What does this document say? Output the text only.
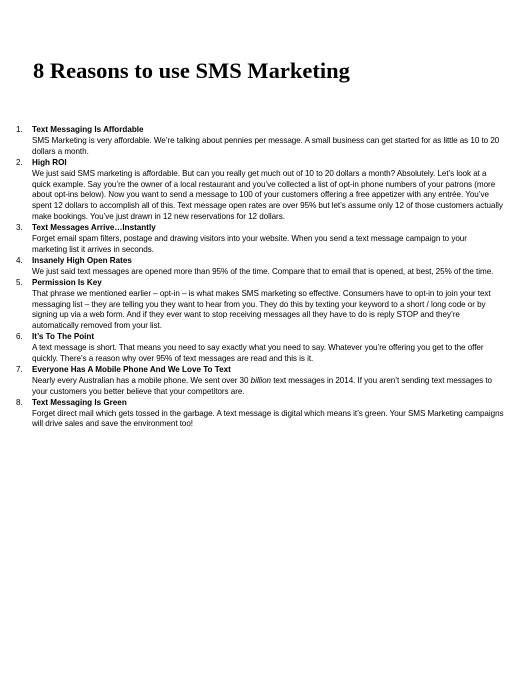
8 Reasons to use SMS Marketing
1. Text Messaging Is Affordable
SMS Marketing is very affordable. We’re talking about pennies per message. A small business can get started for as little as 10 to 20 dollars a month.
2. High ROI
We just said SMS marketing is affordable. But can you really get much out of 10 to 20 dollars a month? Absolutely. Let’s look at a quick example. Say you’re the owner of a local restaurant and you’ve collected a list of opt-in phone numbers of your patrons (more about opt-ins below). Now you want to send a message to 100 of your customers offering a free appetizer with any entrée. You’ve spent 12 dollars to accomplish all of this. Text message open rates are over 95% but let’s assume only 12 of those customers actually make bookings. You’ve just drawn in 12 new reservations for 12 dollars.
3. Text Messages Arrive…Instantly
Forget email spam filters, postage and drawing visitors into your website. When you send a text message campaign to your marketing list it arrives in seconds.
4. Insanely High Open Rates
We just said text messages are opened more than 95% of the time. Compare that to email that is opened, at best, 25% of the time.
5. Permission Is Key
That phrase we mentioned earlier – opt-in – is what makes SMS marketing so effective. Consumers have to opt-in to join your text messaging list – they are telling you they want to hear from you. They do this by texting your keyword to a short / long code or by signing up via a web form. And if they ever want to stop receiving messages all they have to do is reply STOP and they’re automatically removed from your list.
6. It’s To The Point
A text message is short. That means you need to say exactly what you need to say. Whatever you’re offering you get to the offer quickly. There’s a reason why over 95% of text messages are read and this is it.
7. Everyone Has A Mobile Phone And We Love To Text
Nearly every Australian has a mobile phone. We sent over 30 billion text messages in 2014. If you aren’t sending text messages to your customers you better believe that your competitors are.
8. Text Messaging Is Green
Forget direct mail which gets tossed in the garbage. A text message is digital which means it’s green. Your SMS Marketing campaigns will drive sales and save the environment too!
